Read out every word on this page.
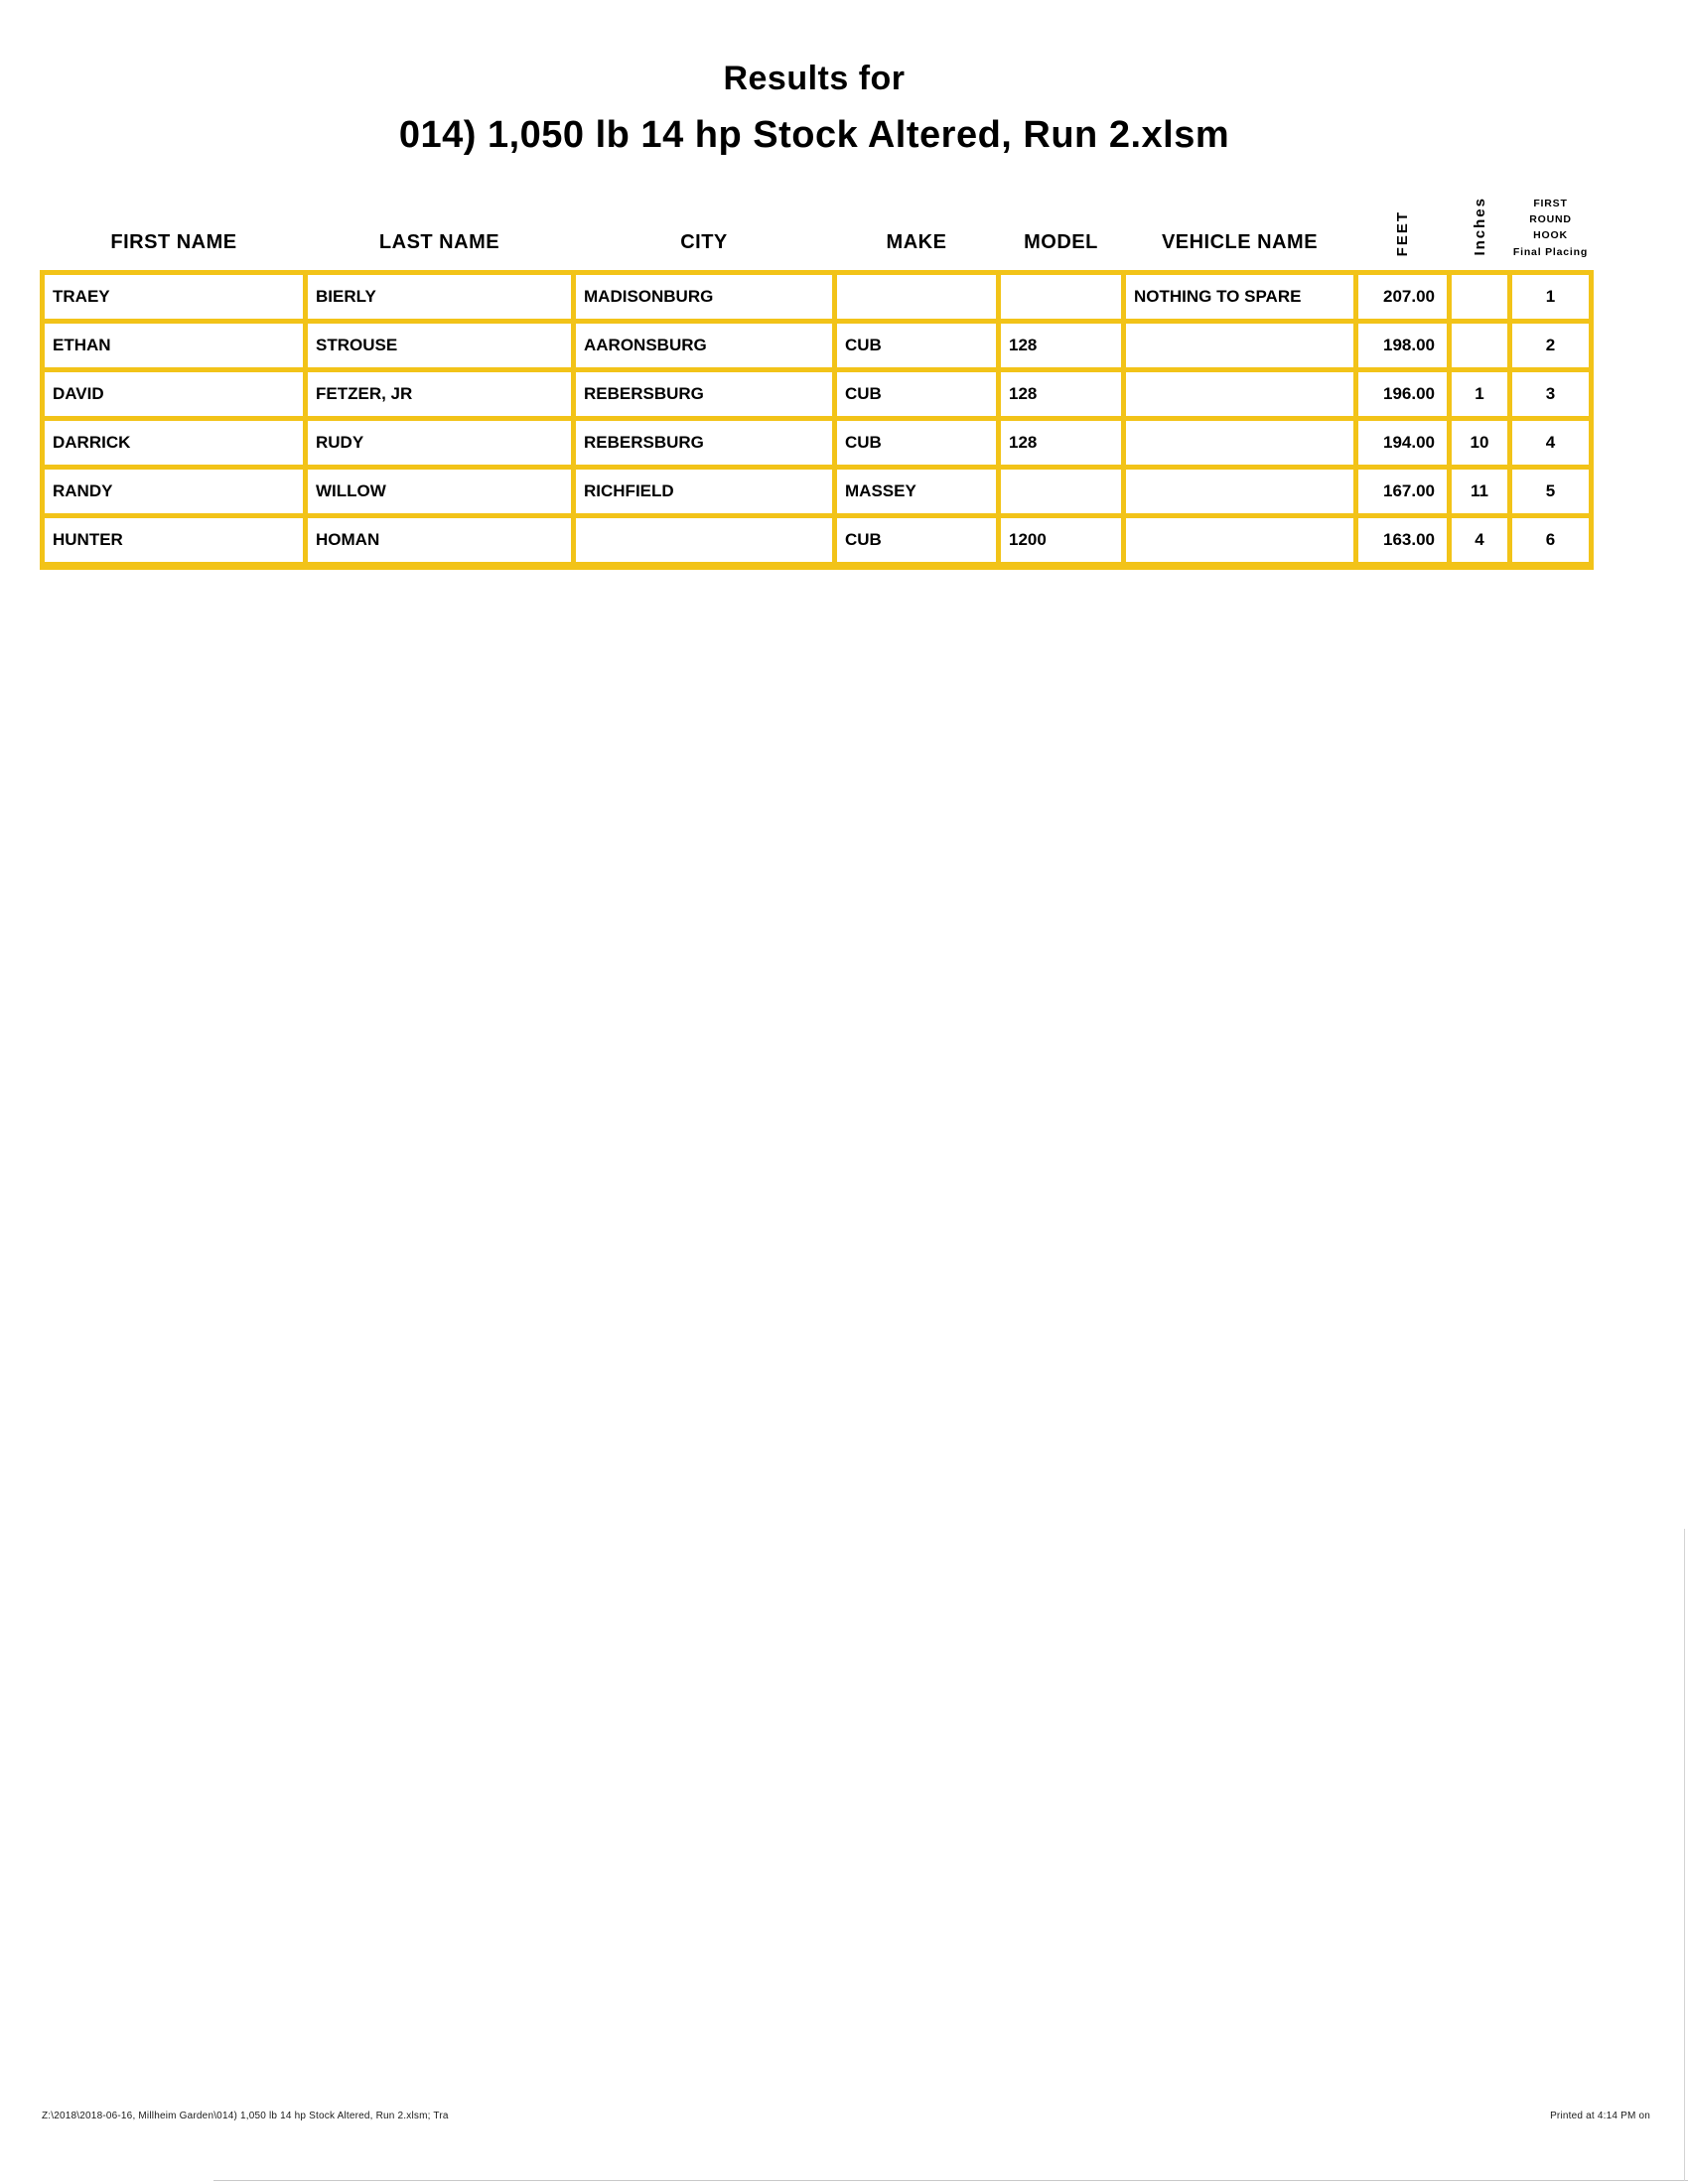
Results for
014) 1,050 lb 14 hp Stock Altered, Run 2.xlsm
FIRST NAME	LAST NAME	CITY	MAKE	MODEL	VEHICLE NAME	FEET	Inches	FIRST ROUND
HOOK
Final Placing

TRAEY	BIERLY	MADISONBURG			NOTHING TO SPARE	207.00		1
ETHAN	STROUSE	AARONSBURG	CUB	128		198.00		2
DAVID	FETZER, JR	REBERSBURG	CUB	128		196.00	1	3
DARRICK	RUDY	REBERSBURG	CUB	128		194.00	10	4
RANDY	WILLOW	RICHFIELD	MASSEY			167.00	11	5
HUNTER	HOMAN		CUB	1200		163.00	4	6
Z:\2018\2018-06-16, Millheim Garden\014) 1,050 lb 14 hp Stock Altered, Run 2.xlsm; Tra	Printed at 4:14 PM on
